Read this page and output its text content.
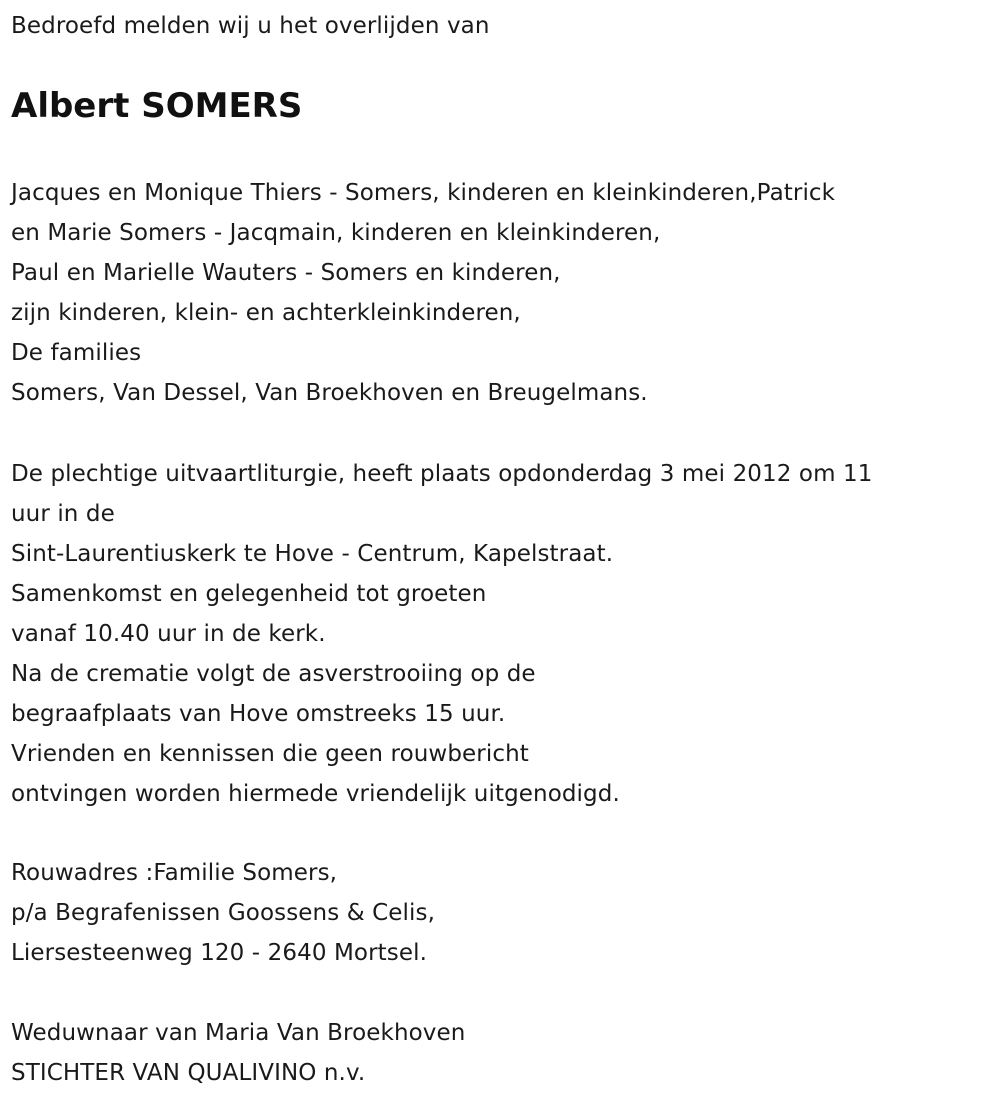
Bedroefd melden wij u het overlijden van
Albert SOMERS
Jacques en Monique Thiers - Somers, kinderen en kleinkinderen,Patrick
en Marie Somers - Jacqmain, kinderen en kleinkinderen,
Paul en Marielle Wauters - Somers en kinderen,
zijn kinderen, klein- en achterkleinkinderen,
De families
Somers, Van Dessel, Van Broekhoven en Breugelmans.
De plechtige uitvaartliturgie, heeft plaats opdonderdag 3 mei 2012 om 11
uur in de
Sint-Laurentiuskerk te Hove - Centrum, Kapelstraat.
Samenkomst en gelegenheid tot groeten
vanaf 10.40 uur in de kerk.
Na de crematie volgt de asverstrooiing op de
begraafplaats van Hove omstreeks 15 uur.
Vrienden en kennissen die geen rouwbericht
ontvingen worden hiermede vriendelijk uitgenodigd.
Rouwadres :Familie Somers,
p/a Begrafenissen Goossens & Celis,
Liersesteenweg 120 - 2640 Mortsel.
Weduwnaar van Maria Van Broekhoven
STICHTER VAN QUALIVINO n.v.
